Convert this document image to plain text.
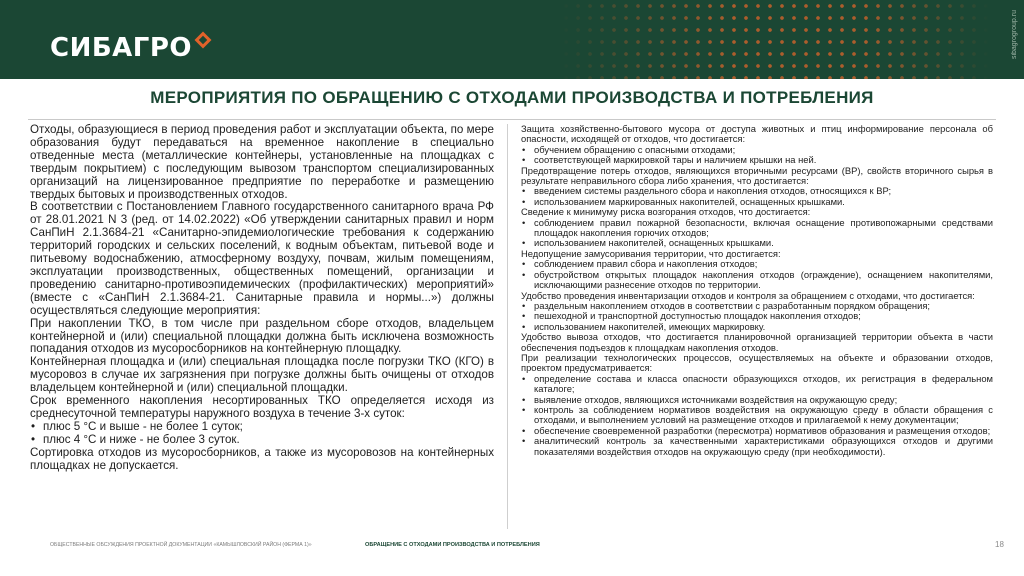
СИБАГРО	sibagrogroup.ru
МЕРОПРИЯТИЯ ПО ОБРАЩЕНИЮ С ОТХОДАМИ ПРОИЗВОДСТВА И ПОТРЕБЛЕНИЯ

Отходы, образующиеся в период проведения работ и эксплуатации объекта, по мере образования будут передаваться на временное накопление в специально отведенные места (металлические контейнеры, установленные на площадках с твердым покрытием) с последующим вывозом транспортом специализированных организаций на лицензированное предприятие по переработке и размещению твердых бытовых и производственных отходов.

В соответствии с Постановлением Главного государственного санитарного врача РФ от 28.01.2021 N 3 (ред. от 14.02.2022) «Об утверждении санитарных правил и норм СанПиН 2.1.3684-21 «Санитарно-эпидемиологические требования к содержанию территорий городских и сельских поселений, к водным объектам, питьевой воде и питьевому водоснабжению, атмосферному воздуху, почвам, жилым помещениям, эксплуатации производственных, общественных помещений, организации и проведению санитарно-противоэпидемических (профилактических) мероприятий» (вместе с «СанПиН 2.1.3684-21. Санитарные правила и нормы...») должны осуществляться следующие мероприятия:

При накоплении ТКО, в том числе при раздельном сборе отходов, владельцем контейнерной и (или) специальной площадки должна быть исключена возможность попадания отходов из мусоросборников на контейнерную площадку.

Контейнерная площадка и (или) специальная площадка после погрузки ТКО (КГО) в мусоровоз в случае их загрязнения при погрузке должны быть очищены от отходов владельцем контейнерной и (или) специальной площадки.

Срок временного накопления несортированных ТКО определяется исходя из среднесуточной температуры наружного воздуха в течение 3-х суток:

• плюс 5 °С и выше - не более 1 суток;
• плюс 4 °С и ниже - не более 3 суток.

Сортировка отходов из мусоросборников, а также из мусоровозов на контейнерных площадках не допускается.

Защита хозяйственно-бытового мусора от доступа животных и птиц информирование персонала об опасности, исходящей от отходов, что достигается:

• обучением обращению с опасными отходами;
• соответствующей маркировкой тары и наличием крышки на ней.

Предотвращение потерь отходов, являющихся вторичными ресурсами (ВР), свойств вторичного сырья в результате неправильного сбора либо хранения, что достигается:

• введением системы раздельного сбора и накопления отходов, относящихся к ВР;
• использованием маркированных накопителей, оснащенных крышками.

Сведение к минимуму риска возгорания отходов, что достигается:

• соблюдением правил пожарной безопасности, включая оснащение противопожарными средствами площадок накопления горючих отходов;
• использованием накопителей, оснащенных крышками.

Недопущение замусоривания территории, что достигается:

• соблюдением правил сбора и накопления отходов;
• обустройством открытых площадок накопления отходов (ограждение), оснащением накопителями, исключающими разнесение отходов по территории.

Удобство проведения инвентаризации отходов и контроля за обращением с отходами, что достигается:

• раздельным накоплением отходов в соответствии с разработанным порядком обращения;
• пешеходной и транспортной доступностью площадок накопления отходов;
• использованием накопителей, имеющих маркировку.

Удобство вывоза отходов, что достигается планировочной организацией территории объекта в части обеспечения подъездов к площадкам накопления отходов.

При реализации технологических процессов, осуществляемых на объекте и образовании отходов, проектом предусматривается:

• определение состава и класса опасности образующихся отходов, их регистрация в федеральном каталоге;
• выявление отходов, являющихся источниками воздействия на окружающую среду;
• контроль за соблюдением нормативов воздействия на окружающую среду в области обращения с отходами, и выполнением условий на размещение отходов и прилагаемой к нему документации;
• обеспечение своевременной разработки (пересмотра) нормативов образования и размещения отходов;
• аналитический контроль за качественными характеристиками образующихся отходов и другими показателями воздействия отходов на окружающую среду (при необходимости).
ОБЩЕСТВЕННЫЕ ОБСУЖДЕНИЯ ПРОЕКТНОЙ ДОКУМЕНТАЦИИ «КАМЫШЛОВСКИЙ РАЙОН (ФЕРМА 1)»	ОБРАЩЕНИЕ С ОТХОДАМИ ПРОИЗВОДСТВА И ПОТРЕБЛЕНИЯ	18
